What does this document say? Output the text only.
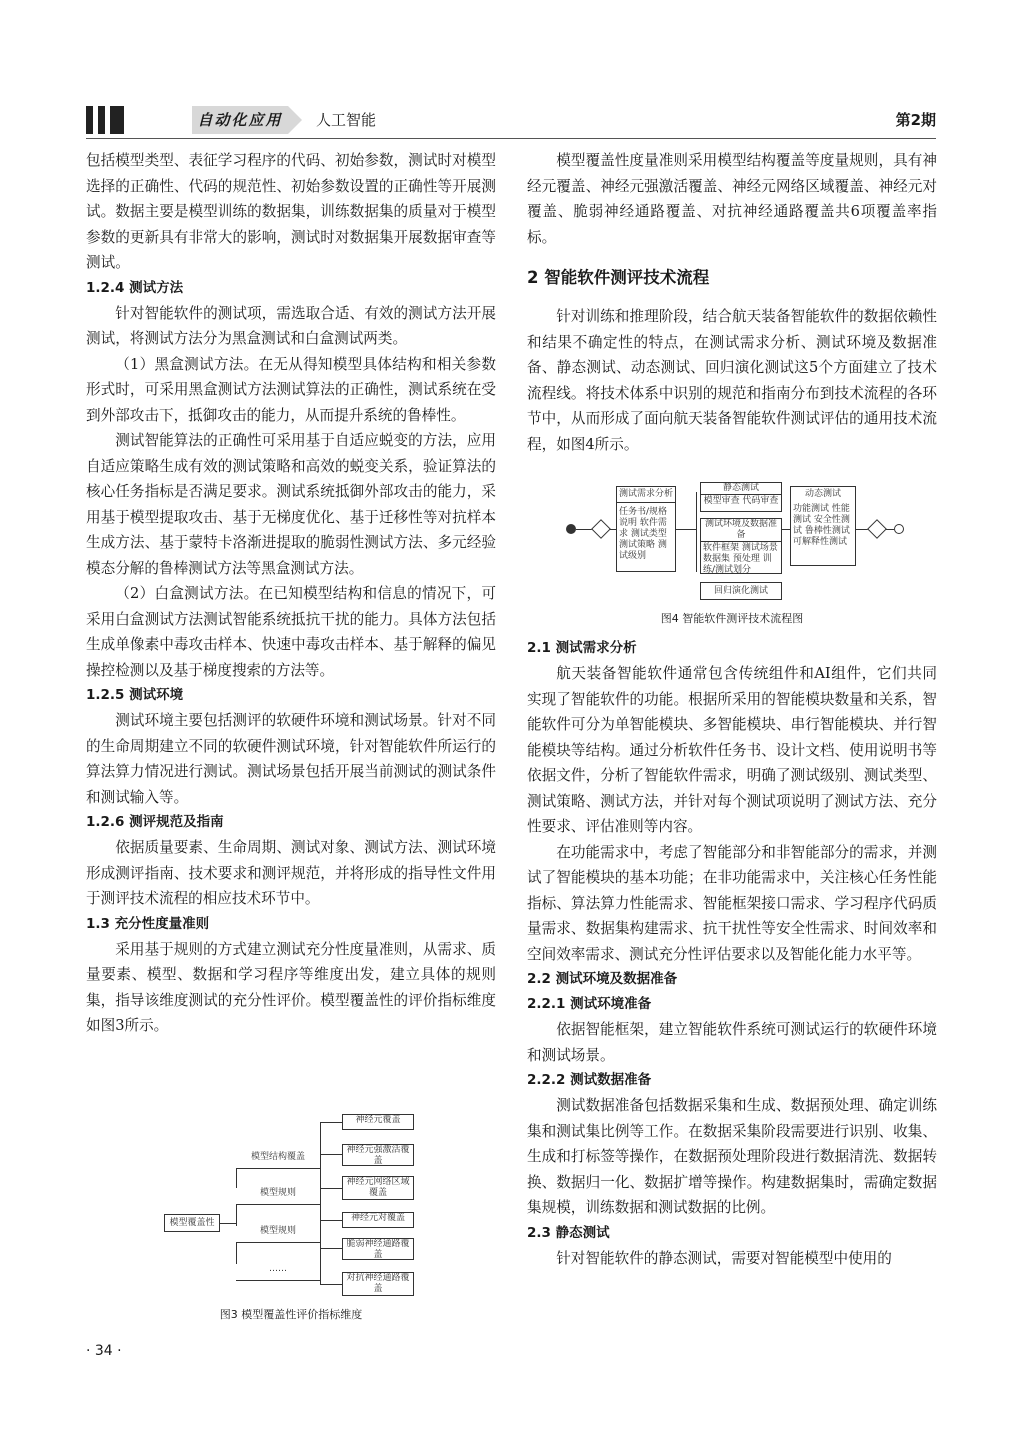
自动化应用	人工智能	第2期

包括模型类型、表征学习程序的代码、初始参数，测试时对模型选择的正确性、代码的规范性、初始参数设置的正确性等开展测试。数据主要是模型训练的数据集，训练数据集的质量对于模型参数的更新具有非常大的影响，测试时对数据集开展数据审查等测试。

1.2.4 测试方法

针对智能软件的测试项，需选取合适、有效的测试方法开展测试，将测试方法分为黑盒测试和白盒测试两类。

（1）黑盒测试方法。在无从得知模型具体结构和相关参数形式时，可采用黑盒测试方法测试算法的正确性，测试系统在受到外部攻击下，抵御攻击的能力，从而提升系统的鲁棒性。

测试智能算法的正确性可采用基于自适应蜕变的方法，应用自适应策略生成有效的测试策略和高效的蜕变关系，验证算法的核心任务指标是否满足要求。测试系统抵御外部攻击的能力，采用基于模型提取攻击、基于无梯度优化、基于迁移性等对抗样本生成方法、基于蒙特卡洛渐进提取的脆弱性测试方法、多元经验模态分解的鲁棒测试方法等黑盒测试方法。

（2）白盒测试方法。在已知模型结构和信息的情况下，可采用白盒测试方法测试智能系统抵抗干扰的能力。具体方法包括生成单像素中毒攻击样本、快速中毒攻击样本、基于解释的偏见操控检测以及基于梯度搜索的方法等。

1.2.5 测试环境

测试环境主要包括测评的软硬件环境和测试场景。针对不同的生命周期建立不同的软硬件测试环境，针对智能软件所运行的算法算力情况进行测试。测试场景包括开展当前测试的测试条件和测试输入等。

1.2.6 测评规范及指南

依据质量要素、生命周期、测试对象、测试方法、测试环境形成测评指南、技术要求和测评规范，并将形成的指导性文件用于测评技术流程的相应技术环节中。

1.3 充分性度量准则

采用基于规则的方式建立测试充分性度量准则，从需求、质量要素、模型、数据和学习程序等维度出发，建立具体的规则集，指导该维度测试的充分性评价。模型覆盖性的评价指标维度如图3所示。

模型覆盖性
模型结构覆盖
模型规则
模型规则
……
神经元覆盖
神经元强激活覆盖
神经元网络区域覆盖
神经元对覆盖
脆弱神经通路覆盖
对抗神经通路覆盖
图3 模型覆盖性评价指标维度

模型覆盖性度量准则采用模型结构覆盖等度量规则，具有神经元覆盖、神经元强激活覆盖、神经元网络区域覆盖、神经元对覆盖、脆弱神经通路覆盖、对抗神经通路覆盖共6项覆盖率指标。

2 智能软件测评技术流程

针对训练和推理阶段，结合航天装备智能软件的数据依赖性和结果不确定性的特点，在测试需求分析、测试环境及数据准备、静态测试、动态测试、回归演化测试这5个方面建立了技术流程线。将技术体系中识别的规范和指南分布到技术流程的各环节中，从而形成了面向航天装备智能软件测试评估的通用技术流程，如图4所示。

测试需求分析
任务书/规格说明 软件需求 测试类型 测试策略 测试级别
静态测试
模型审查 代码审查
测试环境及数据准备
软件框架 测试场景 数据集 预处理 训练/测试划分
动态测试
功能测试 性能测试 安全性测试 鲁棒性测试 可解释性测试
回归演化测试
图4 智能软件测评技术流程图
2.1 测试需求分析

航天装备智能软件通常包含传统组件和AI组件，它们共同实现了智能软件的功能。根据所采用的智能模块数量和关系，智能软件可分为单智能模块、多智能模块、串行智能模块、并行智能模块等结构。通过分析软件任务书、设计文档、使用说明书等依据文件，分析了智能软件需求，明确了测试级别、测试类型、测试策略、测试方法，并针对每个测试项说明了测试方法、充分性要求、评估准则等内容。

在功能需求中，考虑了智能部分和非智能部分的需求，并测试了智能模块的基本功能；在非功能需求中，关注核心任务性能指标、算法算力性能需求、智能框架接口需求、学习程序代码质量需求、数据集构建需求、抗干扰性等安全性需求、时间效率和空间效率需求、测试充分性评估要求以及智能化能力水平等。

2.2 测试环境及数据准备
2.2.1 测试环境准备

依据智能框架，建立智能软件系统可测试运行的软硬件环境和测试场景。

2.2.2 测试数据准备

测试数据准备包括数据采集和生成、数据预处理、确定训练集和测试集比例等工作。在数据采集阶段需要进行识别、收集、生成和打标签等操作，在数据预处理阶段进行数据清洗、数据转换、数据归一化、数据扩增等操作。构建数据集时，需确定数据集规模，训练数据和测试数据的比例。

2.3 静态测试

针对智能软件的静态测试，需要对智能模型中使用的

· 34 ·
